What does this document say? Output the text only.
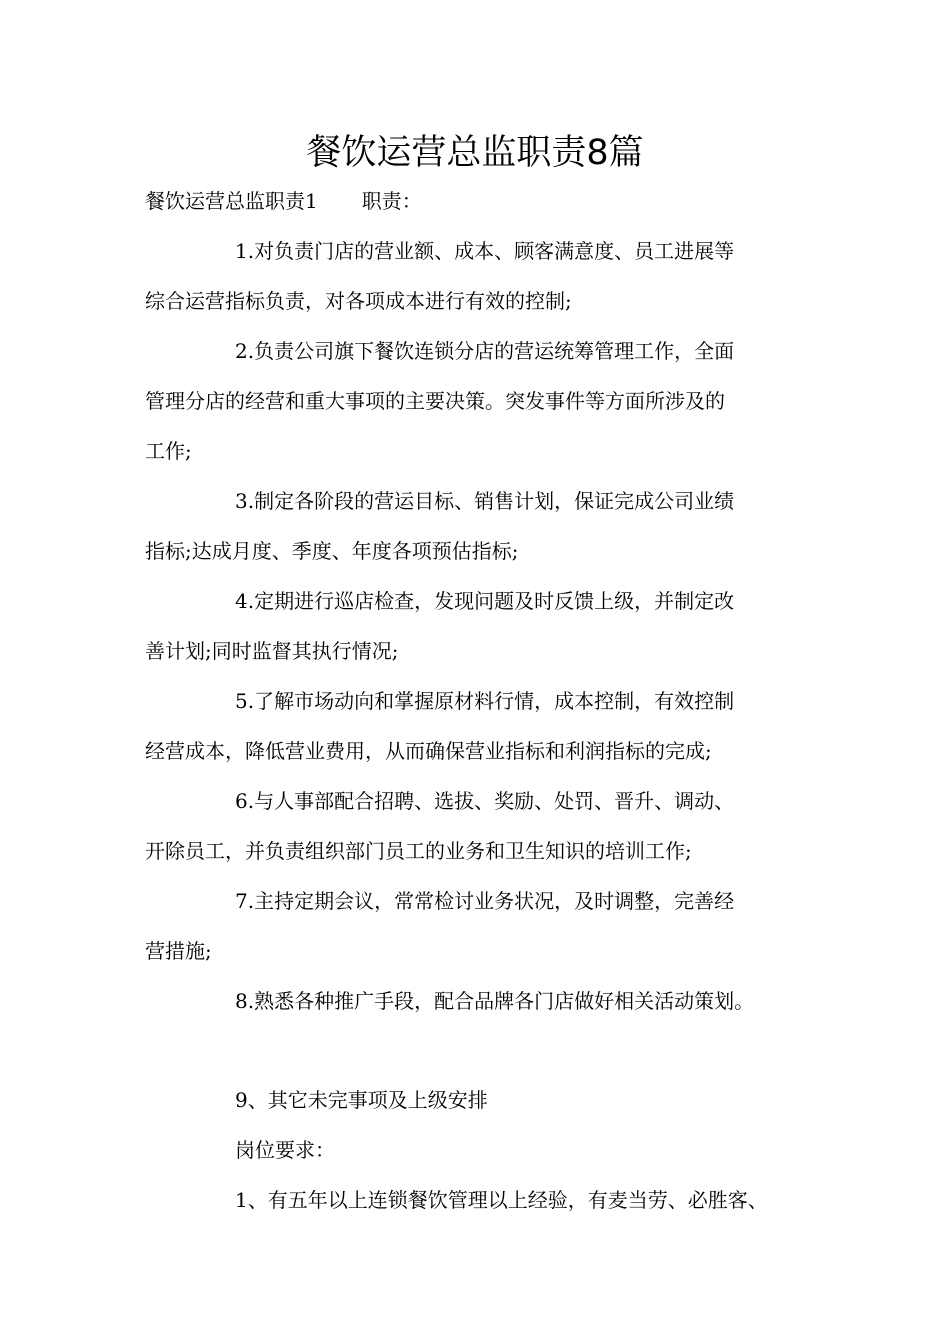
餐饮运营总监职责8篇

餐饮运营总监职责1 职责：

1.对负责门店的营业额、成本、顾客满意度、员工进展等

综合运营指标负责，对各项成本进行有效的控制;

2.负责公司旗下餐饮连锁分店的营运统筹管理工作，全面

管理分店的经营和重大事项的主要决策。突发事件等方面所涉及的

工作;

3.制定各阶段的营运目标、销售计划，保证完成公司业绩

指标;达成月度、季度、年度各项预估指标;

4.定期进行巡店检查，发现问题及时反馈上级，并制定改

善计划;同时监督其执行情况;

5.了解市场动向和掌握原材料行情，成本控制，有效控制

经营成本，降低营业费用，从而确保营业指标和利润指标的完成;

6.与人事部配合招聘、选拔、奖励、处罚、晋升、调动、

开除员工，并负责组织部门员工的业务和卫生知识的培训工作;

7.主持定期会议，常常检讨业务状况，及时调整，完善经

营措施;

8.熟悉各种推广手段，配合品牌各门店做好相关活动策划。

9、其它未完事项及上级安排

岗位要求：

1、有五年以上连锁餐饮管理以上经验，有麦当劳、必胜客、
